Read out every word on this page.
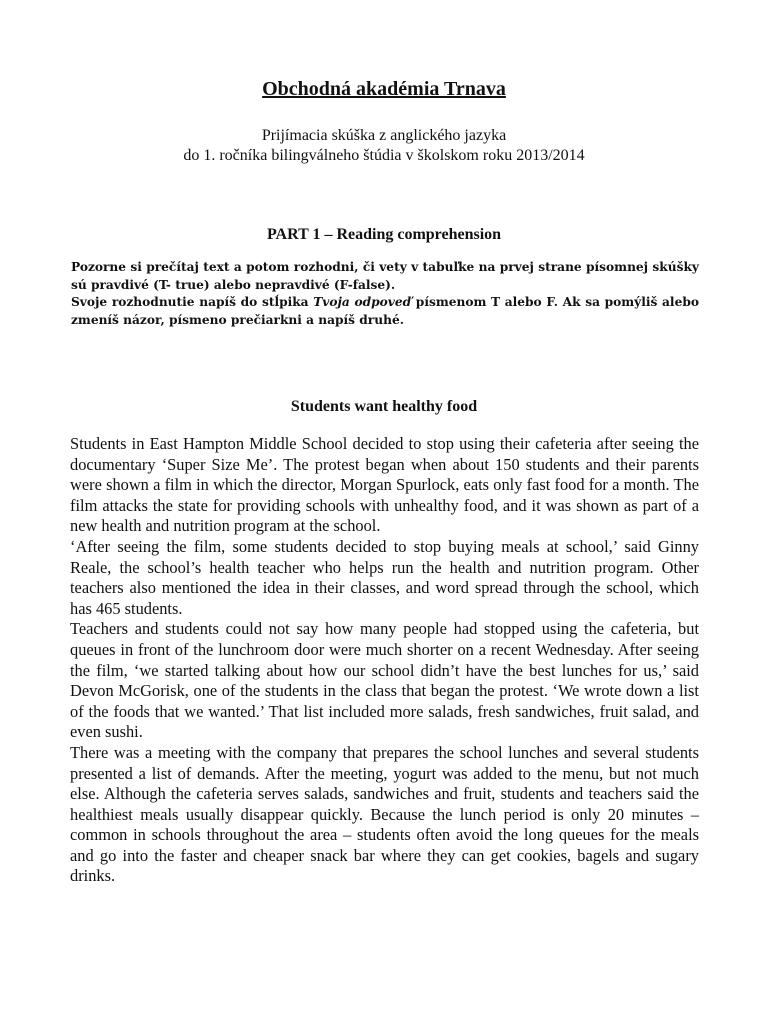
Obchodná akadémia Trnava
Prijímacia skúška z anglického jazyka
do 1. ročníka bilingválneho štúdia v školskom roku 2013/2014
PART 1 – Reading comprehension

Pozorne si prečítaj text a potom rozhodni, či vety v tabuľke na prvej strane písomnej skúšky sú pravdivé (T- true) alebo nepravdivé (F-false).

Svoje rozhodnutie napíš do stĺpika Tvoja odpoveď písmenom T alebo F. Ak sa pomýliš alebo zmeníš názor, písmeno prečiarkni a napíš druhé.

Students want healthy food

Students in East Hampton Middle School decided to stop using their cafeteria after seeing the documentary ‘Super Size Me’. The protest began when about 150 students and their parents were shown a film in which the director, Morgan Spurlock, eats only fast food for a month. The film attacks the state for providing schools with unhealthy food, and it was shown as part of a new health and nutrition program at the school.

‘After seeing the film, some students decided to stop buying meals at school,’ said Ginny Reale, the school’s health teacher who helps run the health and nutrition program. Other teachers also mentioned the idea in their classes, and word spread through the school, which has 465 students.

Teachers and students could not say how many people had stopped using the cafeteria, but queues in front of the lunchroom door were much shorter on a recent Wednesday. After seeing the film, ‘we started talking about how our school didn’t have the best lunches for us,’ said Devon McGorisk, one of the students in the class that began the protest. ‘We wrote down a list of the foods that we wanted.’ That list included more salads, fresh sandwiches, fruit salad, and even sushi.

There was a meeting with the company that prepares the school lunches and several students presented a list of demands. After the meeting, yogurt was added to the menu, but not much else. Although the cafeteria serves salads, sandwiches and fruit, students and teachers said the healthiest meals usually disappear quickly. Because the lunch period is only 20 minutes – common in schools throughout the area – students often avoid the long queues for the meals and go into the faster and cheaper snack bar where they can get cookies, bagels and sugary drinks.
